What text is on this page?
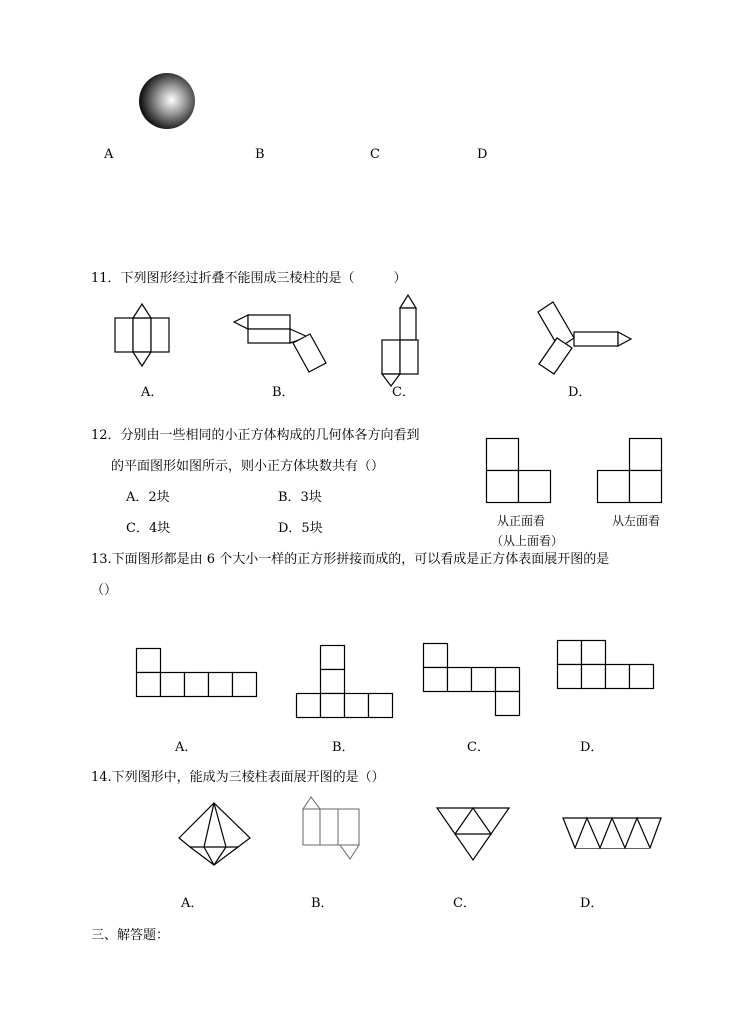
A	B	C	D
11．下列图形经过折叠不能围成三棱柱的是（　　　）
A．	B．	C．	D．
12．分别由一些相同的小正方体构成的几何体各方向看到
的平面图形如图所示，则小正方体块数共有（）
A．2块	B．3块
C．4块	D．5块	从正面看
（从上面看）
从左面看
13.下面图形都是由 6 个大小一样的正方形拼接而成的，可以看成是正方体表面展开图的是
（）
A．	B．	C．	D．
14.下列图形中，能成为三棱柱表面展开图的是（）
A．	B．	C．	D．
三、解答题：
